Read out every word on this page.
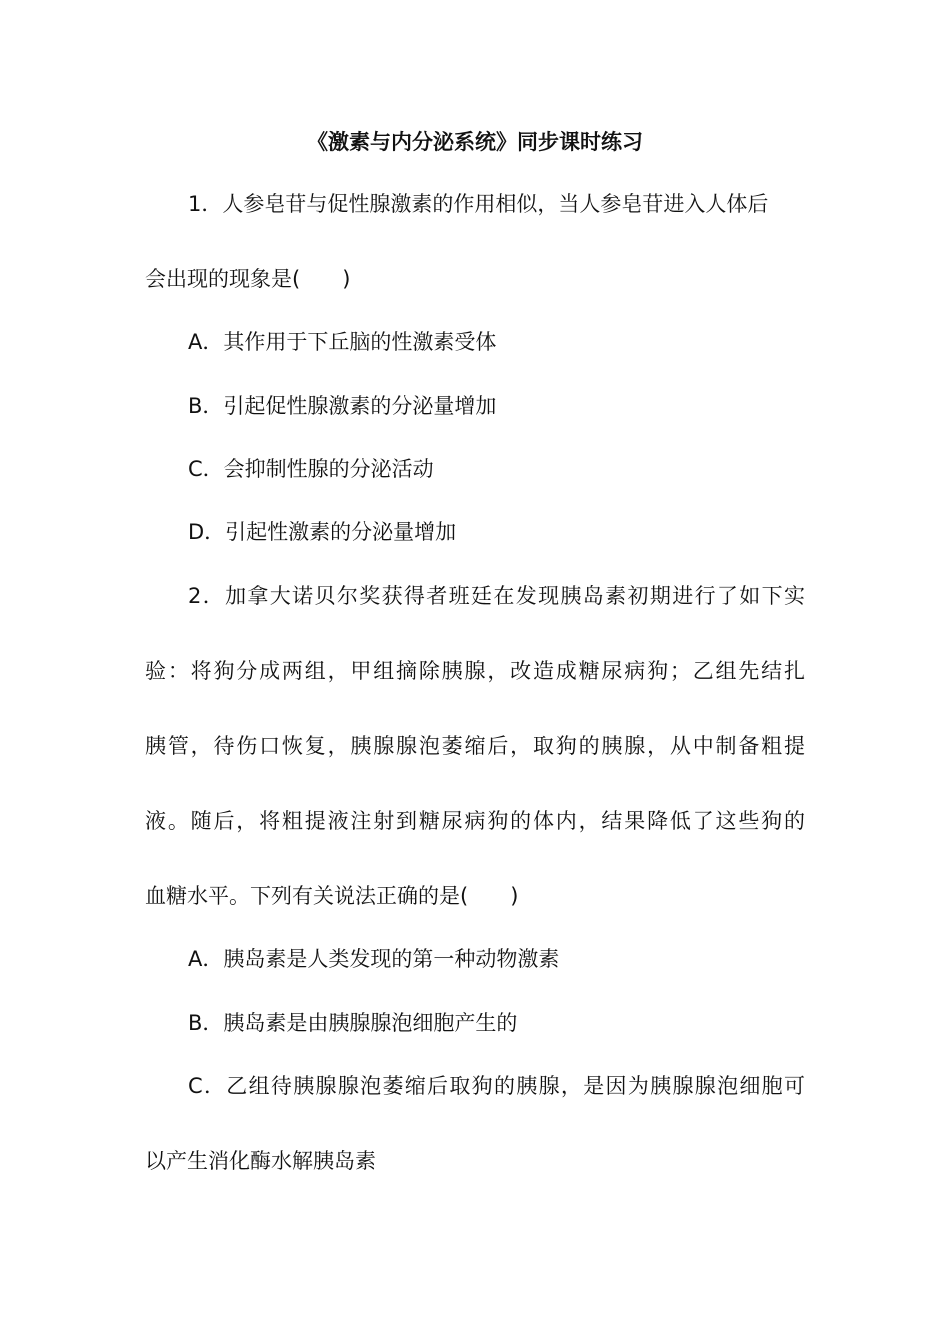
《激素与内分泌系统》同步课时练习
1．人参皂苷与促性腺激素的作用相似，当人参皂苷进入人体后
会出现的现象是(　　)
A．其作用于下丘脑的性激素受体
B．引起促性腺激素的分泌量增加
C．会抑制性腺的分泌活动
D．引起性激素的分泌量增加
2．加拿大诺贝尔奖获得者班廷在发现胰岛素初期进行了如下实
验：将狗分成两组，甲组摘除胰腺，改造成糖尿病狗；乙组先结扎
胰管，待伤口恢复，胰腺腺泡萎缩后，取狗的胰腺，从中制备粗提
液。随后，将粗提液注射到糖尿病狗的体内，结果降低了这些狗的
血糖水平。下列有关说法正确的是(　　)
A．胰岛素是人类发现的第一种动物激素
B．胰岛素是由胰腺腺泡细胞产生的
C．乙组待胰腺腺泡萎缩后取狗的胰腺，是因为胰腺腺泡细胞可
以产生消化酶水解胰岛素
